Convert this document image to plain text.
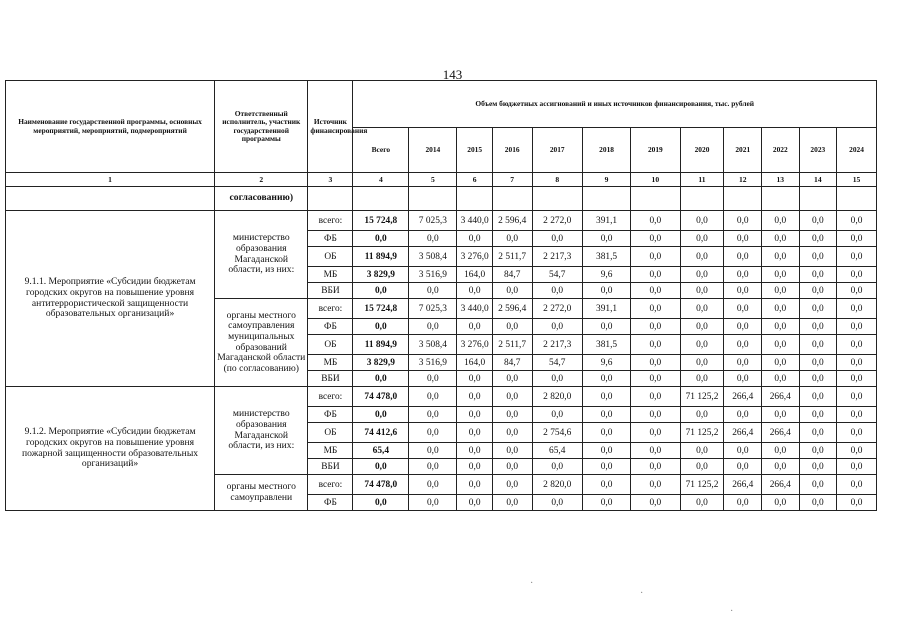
143
Наименование государственной программы, основных мероприятий, мероприятий, подмероприятий	Ответственный исполнитель, участник государственной программы	Источник финансирования	Объем бюджетных ассигнований и иных источников финансирования, тыс. рублей											
			Всего	2014	2015	2016	2017	2018	2019	2020	2021	2022	2023	2024
1	2	3	4	5	6	7	8	9	10	11	12	13	14	15
	согласованию)													
9.1.1. Мероприятие «Субсидии бюджетам городских округов на повышение уровня антитеррористической защищенности образовательных организаций»	министерство образования Магаданской области, из них:	всего:	15 724,8	7 025,3	3 440,0	2 596,4	2 272,0	391,1	0,0	0,0	0,0	0,0	0,0	0,0
		ФБ	0,0	0,0	0,0	0,0	0,0	0,0	0,0	0,0	0,0	0,0	0,0	0,0
		ОБ	11 894,9	3 508,4	3 276,0	2 511,7	2 217,3	381,5	0,0	0,0	0,0	0,0	0,0	0,0
		МБ	3 829,9	3 516,9	164,0	84,7	54,7	9,6	0,0	0,0	0,0	0,0	0,0	0,0
		ВБИ	0,0	0,0	0,0	0,0	0,0	0,0	0,0	0,0	0,0	0,0	0,0	0,0
	органы местного самоуправления муниципальных образований Магаданской области (по согласованию)	всего:	15 724,8	7 025,3	3 440,0	2 596,4	2 272,0	391,1	0,0	0,0	0,0	0,0	0,0	0,0
		ФБ	0,0	0,0	0,0	0,0	0,0	0,0	0,0	0,0	0,0	0,0	0,0	0,0
		ОБ	11 894,9	3 508,4	3 276,0	2 511,7	2 217,3	381,5	0,0	0,0	0,0	0,0	0,0	0,0
		МБ	3 829,9	3 516,9	164,0	84,7	54,7	9,6	0,0	0,0	0,0	0,0	0,0	0,0
		ВБИ	0,0	0,0	0,0	0,0	0,0	0,0	0,0	0,0	0,0	0,0	0,0	0,0
9.1.2. Мероприятие «Субсидии бюджетам городских округов на повышение уровня пожарной защищенности образовательных организаций»	министерство образования Магаданской области, из них:	всего:	74 478,0	0,0	0,0	0,0	2 820,0	0,0	0,0	71 125,2	266,4	266,4	0,0	0,0
		ФБ	0,0	0,0	0,0	0,0	0,0	0,0	0,0	0,0	0,0	0,0	0,0	0,0
		ОБ	74 412,6	0,0	0,0	0,0	2 754,6	0,0	0,0	71 125,2	266,4	266,4	0,0	0,0
		МБ	65,4	0,0	0,0	0,0	65,4	0,0	0,0	0,0	0,0	0,0	0,0	0,0
		ВБИ	0,0	0,0	0,0	0,0	0,0	0,0	0,0	0,0	0,0	0,0	0,0	0,0
	органы местного самоуправлени	всего:	74 478,0	0,0	0,0	0,0	2 820,0	0,0	0,0	71 125,2	266,4	266,4	0,0	0,0
		ФБ	0,0	0,0	0,0	0,0	0,0	0,0	0,0	0,0	0,0	0,0	0,0	0,0
·
·
·
